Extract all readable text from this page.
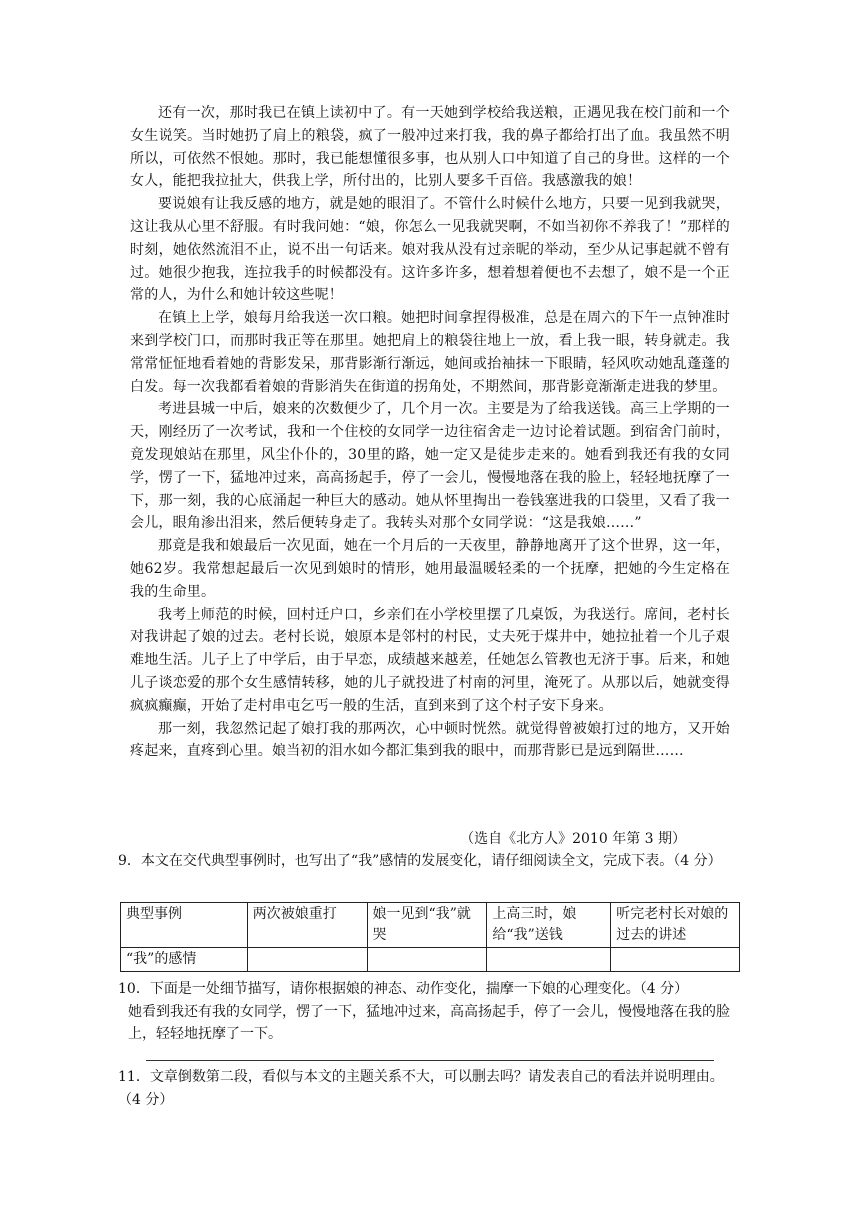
还有一次，那时我已在镇上读初中了。有一天她到学校给我送粮，正遇见我在校门前和一个女生说笑。当时她扔了肩上的粮袋，疯了一般冲过来打我，我的鼻子都给打出了血。我虽然不明所以，可依然不恨她。那时，我已能想懂很多事，也从别人口中知道了自己的身世。这样的一个女人，能把我拉扯大，供我上学，所付出的，比别人要多千百倍。我感激我的娘！

要说娘有让我反感的地方，就是她的眼泪了。不管什么时候什么地方，只要一见到我就哭，这让我从心里不舒服。有时我问她：“娘，你怎么一见我就哭啊，不如当初你不养我了！”那样的时刻，她依然流泪不止，说不出一句话来。娘对我从没有过亲昵的举动，至少从记事起就不曾有过。她很少抱我，连拉我手的时候都没有。这许多许多，想着想着便也不去想了，娘不是一个正常的人，为什么和她计较这些呢！

在镇上上学，娘每月给我送一次口粮。她把时间拿捏得极准，总是在周六的下午一点钟准时来到学校门口，而那时我正等在那里。她把肩上的粮袋往地上一放，看上我一眼，转身就走。我常常怔怔地看着她的背影发呆，那背影渐行渐远，她间或抬袖抹一下眼睛，轻风吹动她乱蓬蓬的白发。每一次我都看着娘的背影消失在街道的拐角处，不期然间，那背影竟渐渐走进我的梦里。

考进县城一中后，娘来的次数便少了，几个月一次。主要是为了给我送钱。高三上学期的一天，刚经历了一次考试，我和一个住校的女同学一边往宿舍走一边讨论着试题。到宿舍门前时，竟发现娘站在那里，风尘仆仆的，30里的路，她一定又是徒步走来的。她看到我还有我的女同学，愣了一下，猛地冲过来，高高扬起手，停了一会儿，慢慢地落在我的脸上，轻轻地抚摩了一下，那一刻，我的心底涌起一种巨大的感动。她从怀里掏出一卷钱塞进我的口袋里，又看了我一会儿，眼角渗出泪来，然后便转身走了。我转头对那个女同学说：“这是我娘……”

那竟是我和娘最后一次见面，她在一个月后的一天夜里，静静地离开了这个世界，这一年，她62岁。我常想起最后一次见到娘时的情形，她用最温暖轻柔的一个抚摩，把她的今生定格在我的生命里。

我考上师范的时候，回村迁户口，乡亲们在小学校里摆了几桌饭，为我送行。席间，老村长对我讲起了娘的过去。老村长说，娘原本是邻村的村民，丈夫死于煤井中，她拉扯着一个儿子艰难地生活。儿子上了中学后，由于早恋，成绩越来越差，任她怎么管教也无济于事。后来，和她儿子谈恋爱的那个女生感情转移，她的儿子就投进了村南的河里，淹死了。从那以后，她就变得疯疯癫癫，开始了走村串屯乞丐一般的生活，直到来到了这个村子安下身来。

那一刻，我忽然记起了娘打我的那两次，心中顿时恍然。就觉得曾被娘打过的地方，又开始疼起来，直疼到心里。娘当初的泪水如今都汇集到我的眼中，而那背影已是远到隔世……

（选自《北方人》2010 年第 3 期）

9．本文在交代典型事例时，也写出了“我”感情的发展变化，请仔细阅读全文，完成下表。（4 分）

典型事例	两次被娘重打	娘一见到“我”就哭	上高三时，娘给“我”送钱	听完老村长对娘的过去的讲述
“我”的感情				

10．下面是一处细节描写，请你根据娘的神态、动作变化，揣摩一下娘的心理变化。（4 分）
她看到我还有我的女同学，愣了一下，猛地冲过来，高高扬起手，停了一会儿，慢慢地落在我的脸上，轻轻地抚摩了一下。

11．文章倒数第二段，看似与本文的主题关系不大，可以删去吗？请发表自己的看法并说明理由。（4 分）
